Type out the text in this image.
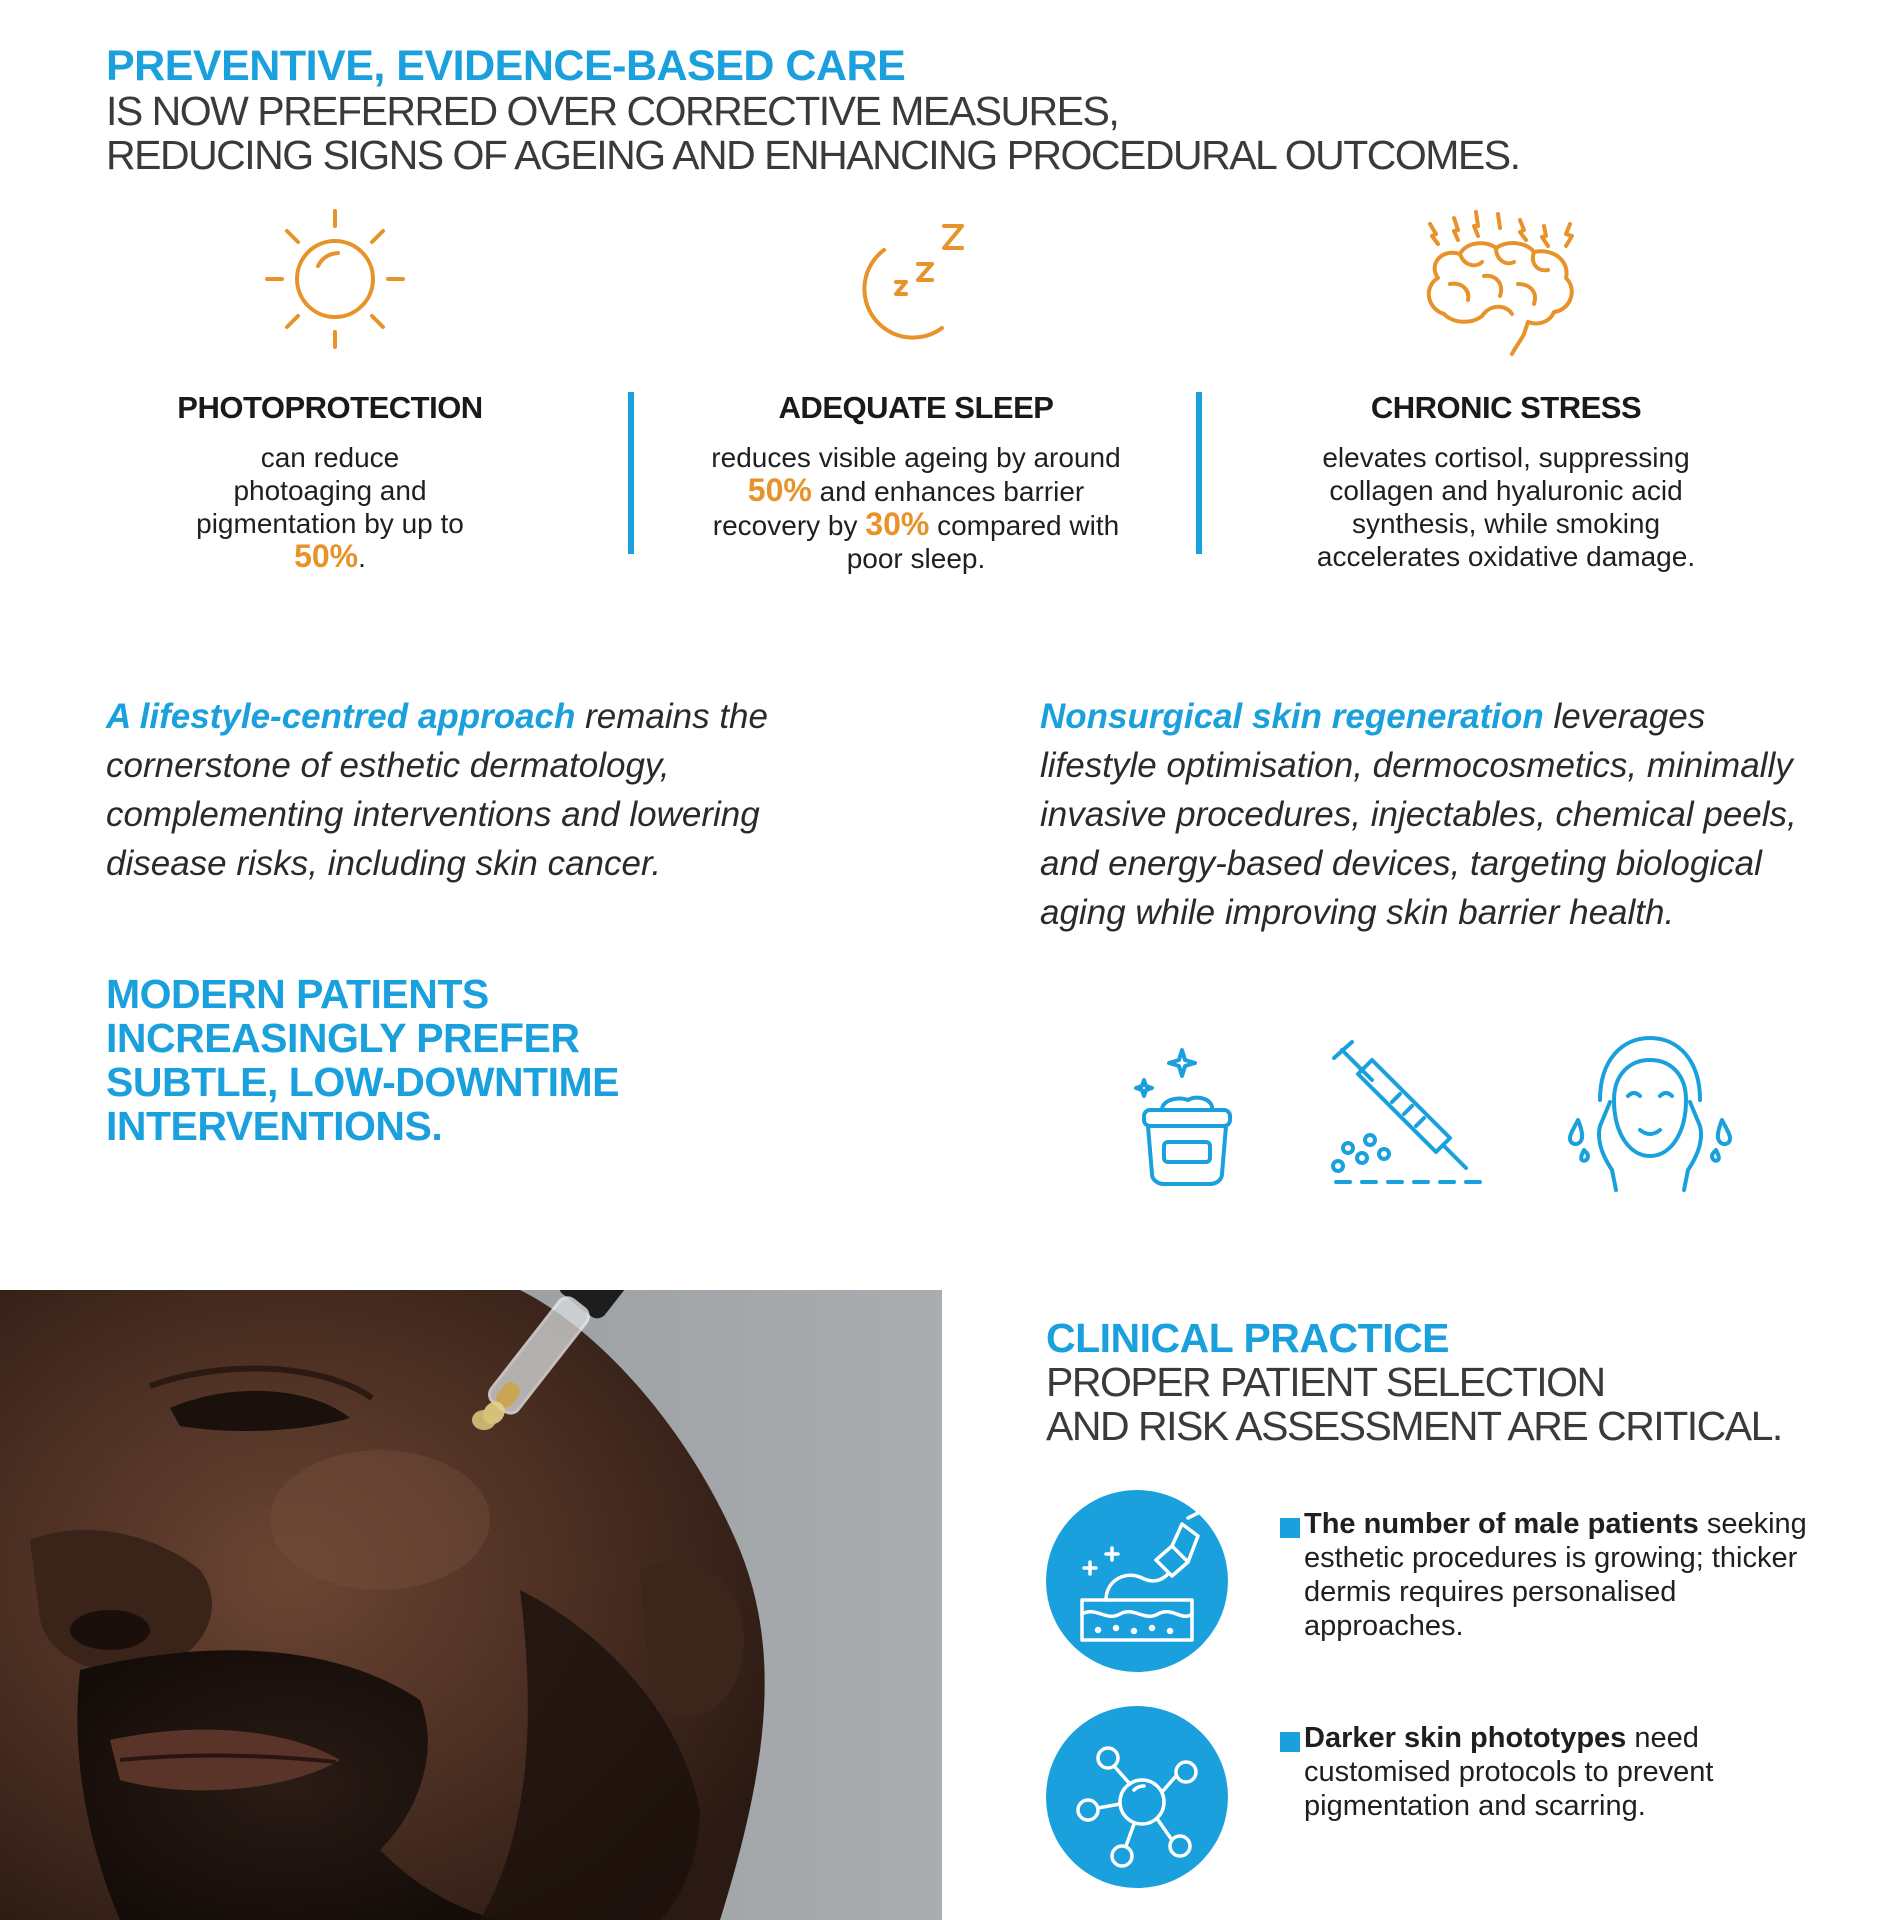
PREVENTIVE, EVIDENCE-BASED CARE
IS NOW PREFERRED OVER CORRECTIVE MEASURES,
REDUCING SIGNS OF AGEING AND ENHANCING PROCEDURAL OUTCOMES.
PHOTOPROTECTION	ADEQUATE SLEEP	CHRONIC STRESS
can reduce photoaging and pigmentation by up to 50%.
reduces visible ageing by around 50% and enhances barrier recovery by 30% compared with poor sleep.
elevates cortisol, suppressing collagen and hyaluronic acid synthesis, while smoking accelerates oxidative damage.
A lifestyle-centred approach remains the cornerstone of esthetic dermatology, complementing interventions and lowering disease risks, including skin cancer.
Nonsurgical skin regeneration leverages lifestyle optimisation, dermocosmetics, minimally invasive procedures, injectables, chemical peels, and energy-based devices, targeting biological aging while improving skin barrier health.
MODERN PATIENTS INCREASINGLY PREFER SUBTLE, LOW-DOWNTIME INTERVENTIONS.
CLINICAL PRACTICE
PROPER PATIENT SELECTION
AND RISK ASSESSMENT ARE CRITICAL.
The number of male patients seeking esthetic procedures is growing; thicker dermis requires personalised approaches.
Darker skin phototypes need customised protocols to prevent pigmentation and scarring.
